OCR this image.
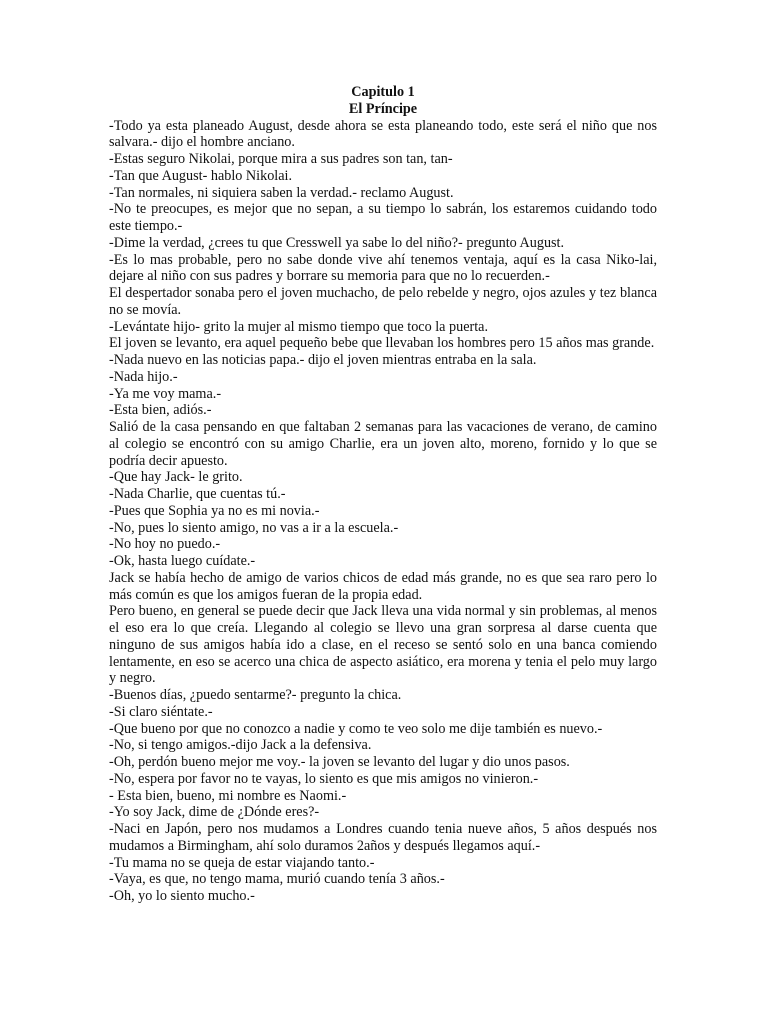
Capitulo 1

El Príncipe

-Todo ya esta planeado August, desde ahora se esta planeando todo, este será el niño que nos salvara.- dijo el hombre anciano.

-Estas seguro Nikolai, porque mira a sus padres son tan, tan-

-Tan que August- hablo Nikolai.

-Tan normales, ni siquiera saben la verdad.- reclamo August.

-No te preocupes, es mejor que no sepan, a su tiempo lo sabrán, los estaremos cuidando todo este tiempo.-

-Dime la verdad, ¿crees tu que Cresswell ya sabe lo del niño?- pregunto August.

-Es lo mas probable, pero no sabe donde vive ahí tenemos ventaja, aquí es la casa Niko-lai, dejare al niño con sus padres y borrare su memoria para que no lo recuerden.-

El despertador sonaba pero el joven muchacho, de pelo rebelde y negro, ojos azules y tez blanca no se movía.

-Levántate hijo- grito la mujer al mismo tiempo que toco la puerta.

El joven se levanto, era aquel pequeño bebe que llevaban los hombres pero 15 años mas grande.

-Nada nuevo en las noticias papa.- dijo el joven mientras entraba en la sala.

-Nada hijo.-

-Ya me voy mama.-

-Esta bien, adiós.-

Salió de la casa pensando en que faltaban 2 semanas para las vacaciones de verano, de camino al colegio se encontró con su amigo Charlie, era un joven alto, moreno, fornido y lo que se podría decir apuesto.

-Que hay Jack- le grito.

-Nada Charlie, que cuentas tú.-

-Pues que Sophia ya no es mi novia.-

-No, pues lo siento amigo, no vas a ir a la escuela.-

-No hoy no puedo.-

-Ok, hasta luego cuídate.-

Jack se había hecho de amigo de varios chicos de edad más grande, no es que sea raro pero lo más común es que los amigos fueran de la propia edad.

Pero bueno, en general se puede decir que Jack lleva una vida normal y sin problemas, al menos el eso era lo que creía. Llegando al colegio se llevo una gran sorpresa al darse cuenta que ninguno de sus amigos había ido a clase, en el receso se sentó solo en una banca comiendo lentamente, en eso se acerco una chica de aspecto asiático, era morena y tenia el pelo muy largo y negro.

-Buenos días, ¿puedo sentarme?- pregunto la chica.

-Si claro siéntate.-

-Que bueno por que no conozco a nadie y como te veo solo me dije también es nuevo.-

-No, si tengo amigos.-dijo Jack a la defensiva.

-Oh, perdón bueno mejor me voy.- la joven se levanto del lugar y dio unos pasos.

-No, espera por favor no te vayas, lo siento es que mis amigos no vinieron.-

- Esta bien, bueno, mi nombre es Naomi.-

-Yo soy Jack, dime de ¿Dónde eres?-

-Naci en Japón, pero nos mudamos a Londres cuando tenia nueve años, 5 años después nos mudamos a Birmingham, ahí solo duramos 2años y después llegamos aquí.-

-Tu mama no se queja de estar viajando tanto.-

-Vaya, es que, no tengo mama, murió cuando tenía 3 años.-

-Oh, yo lo siento mucho.-
